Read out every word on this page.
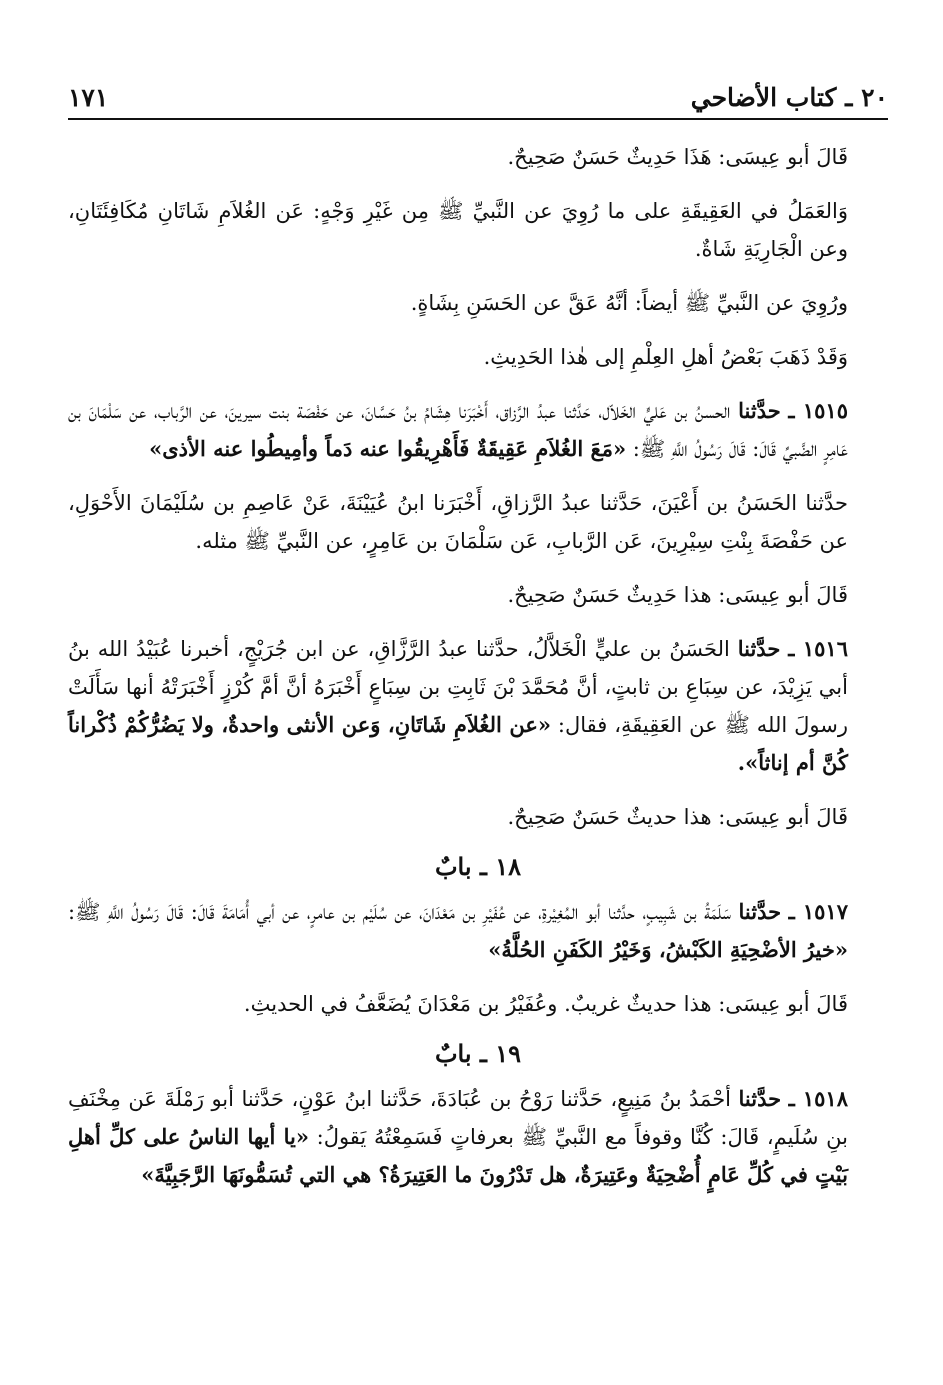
٢٠ ـ كتاب الأضاحي
١٧١

قَالَ أبو عِيسَى: هَذَا حَدِيثٌ حَسَنٌ صَحِيحٌ.

وَالعَمَلُ في العَقِيقَةِ على ما رُوِيَ عن النَّبيِّ ﷺ مِن غَيْرِ وَجْهٍ: عَن الغُلاَمِ شَاتَانِ مُكَافِئَتَانِ، وعن الْجَارِيَةِ شَاةٌ.

ورُوِيَ عن النَّبيِّ ﷺ أيضاً: أنَّهُ عَقَّ عن الحَسَنِ بِشَاةٍ.

وَقَدْ ذَهَبَ بَعْضُ أهلِ العِلْمِ إلى هٰذا الحَدِيثِ.

١٥١٥ ـ حدَّثنا الحسنُ بن عَليٍّ الخَلاّل، حَدَّثنا عبدُ الرَّزاق، أَخْبَرَنا هِشَامُ بنُ حَسَّانَ، عن حَفْصَة بنت سيرينَ، عن الرَّباب، عن سَلْمَانَ بن عَامِرٍ الضَّبيِّ قَالَ: قَالَ رَسُولُ اللَّهِ ﷺ: «مَعَ الغُلاَمِ عَقِيقَةٌ فَأَهْرِيقُوا عنه دَماً وأمِيطُوا عنه الأذى»

حدَّثنا الحَسَنُ بن أَعْيَنَ، حَدَّثنا عبدُ الرَّزاقِ، أَخْبَرَنا ابنُ عُيَيْنَةَ، عَنْ عَاصِمِ بن سُلَيْمَانَ الأَحْوَلِ، عن حَفْصَةَ بِنْتِ سِيْرِينَ، عَن الرَّبابِ، عَن سَلْمَانَ بن عَامِرٍ، عن النَّبيِّ ﷺ مثله.

قَالَ أبو عِيسَى: هذا حَدِيثٌ حَسَنٌ صَحِيحٌ.

١٥١٦ ـ حدَّثنا الحَسَنُ بن عليٍّ الْخَلاَّلُ، حدَّثنا عبدُ الرَّزَّاقِ، عن ابن جُرَيْجٍ، أخبرنا عُبَيْدُ الله بنُ أبي يَزِيْدَ، عن سِبَاعِ بن ثابتٍ، أنَّ مُحَمَّدَ بْنَ ثَابِتِ بن سِبَاعٍ أَخْبَرَهُ أنَّ أمَّ كُرْزٍ أَخْبَرَتْهُ أنها سَأَلَتْ رسولَ الله ﷺ عن العَقِيقَةِ، فقال: «عن الغُلاَمِ شَاتَانِ، وَعن الأنثى واحدةٌ، ولا يَضُرُّكُمْ ذُكْراناً كُنَّ أم إناثاً».

قَالَ أبو عِيسَى: هذا حديثٌ حَسَنٌ صَحِيحٌ.

١٨ ـ بابٌ

١٥١٧ ـ حدَّثنا سَلَمَةُ بن شَبِيبٍ، حدَّثنا أبو المُغِيْرةِ، عن عُفَيْرِ بن مَعْدَانَ، عن سُلَيْم بن عامرٍ، عن أبي أُمَامَةَ قَالَ: قَالَ رَسُولُ اللَّهِ ﷺ: «خيرُ الأضْحِيَةِ الكَبْشُ، وَخَيْرُ الكَفَنِ الحُلَّةُ»

قَالَ أبو عِيسَى: هذا حديثٌ غريبٌ. وعُفَيْرُ بن مَعْدَانَ يُضَعَّفُ في الحديثِ.

١٩ ـ بابٌ

١٥١٨ ـ حدَّثنا أحْمَدُ بنُ مَنِيعٍ، حَدَّثنا رَوْحُ بن عُبَادَةَ، حَدَّثنا ابنُ عَوْنٍ، حَدَّثنا أبو رَمْلَةَ عَن مِخْنَفِ بنِ سُلَيمٍ، قَالَ: كُنَّا وقوفاً مع النَّبيِّ ﷺ بعرفاتٍ فَسَمِعْتُهُ يَقولُ: «يا أيها الناسُ على كلِّ أهلِ بَيْتٍ في كُلِّ عَامٍ أُضْحِيَةٌ وعَتِيرَةٌ، هل تَدْرُونَ ما العَتِيرَةُ؟ هي التي تُسَمُّونَهَا الرَّجَبِيَّةَ»
